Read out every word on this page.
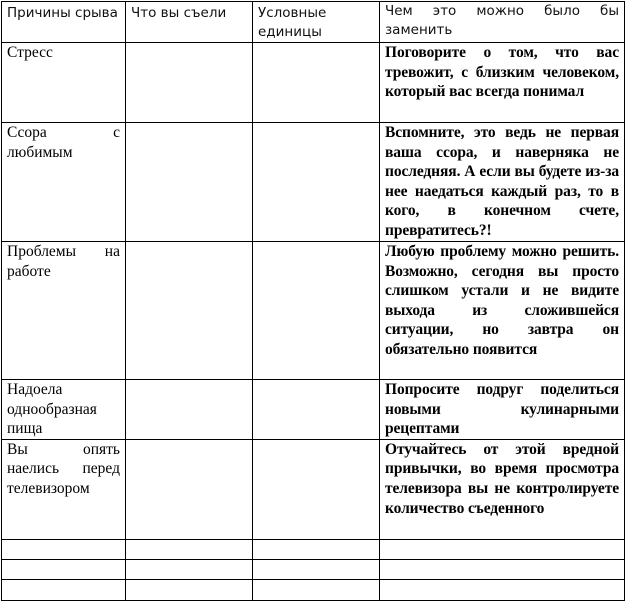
Причины срыва	Что вы съели	Условные единицы	Чем это можно было бы заменить

Стресс			Поговорите о том, что вас тревожит, с близким человеком, который вас всегда понимал

Ссора с любимым			Вспомните, это ведь не первая ваша ссора, и наверняка не последняя. А если вы будете из-за нее наедаться каждый раз, то в кого, в конечном счете, превратитесь?!

Проблемы на работе			Любую проблему можно решить. Возможно, сегодня вы просто слишком устали и не видите выхода из сложившейся ситуации, но завтра он обязательно появится

Надоела однообразная пища			Попросите подруг поделиться новыми кулинарными рецептами

Вы опять наелись перед телевизором			Отучайтесь от этой вредной привычки, во время просмотра телевизора вы не контролируете количество съеденного
